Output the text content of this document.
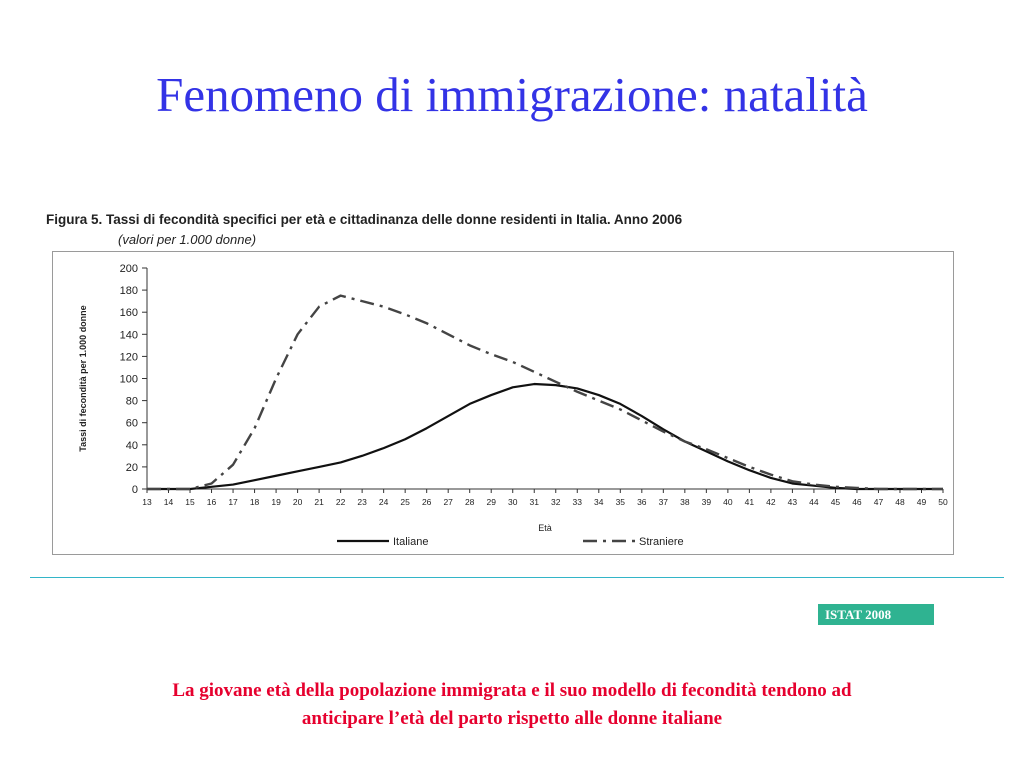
Fenomeno di immigrazione: natalità
Figura 5. Tassi di fecondità specifici per età e cittadinanza delle donne residenti in Italia. Anno 2006
(valori per 1.000 donne)
0
20
40
60
80
100
120
140
160
180
200
13 14 15 16 17 18 19 20 21 22 23 24 25 26 27 28 29 30 31 32 33 34 35 36 37 38 39 40 41 42 43 44 45 46 47 48 49 50
Età
Tassi di fecondità per 1.000 donne
Italiane	Straniere
ISTAT 2008
La giovane età della popolazione immigrata e il suo modello di fecondità tendono ad
anticipare l’età del parto rispetto alle donne italiane
